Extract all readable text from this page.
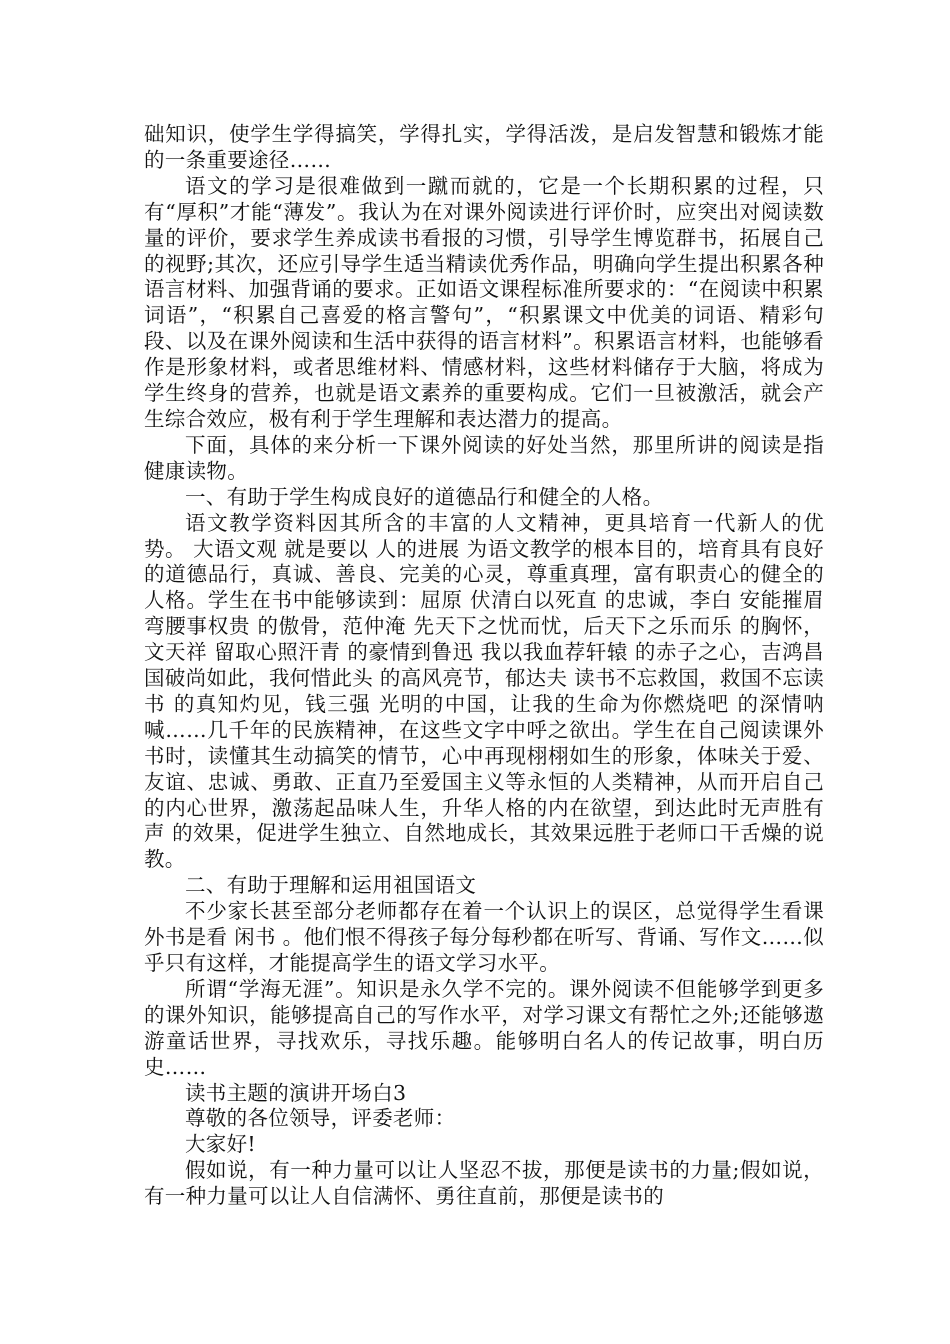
础知识，使学生学得搞笑，学得扎实，学得活泼，是启发智慧和锻炼才能的一条重要途径……

语文的学习是很难做到一蹴而就的，它是一个长期积累的过程，只有“厚积”才能“薄发”。我认为在对课外阅读进行评价时，应突出对阅读数量的评价，要求学生养成读书看报的习惯，引导学生博览群书，拓展自己的视野;其次，还应引导学生适当精读优秀作品，明确向学生提出积累各种语言材料、加强背诵的要求。正如语文课程标准所要求的：“在阅读中积累词语”，“积累自己喜爱的格言警句”，“积累课文中优美的词语、精彩句段、以及在课外阅读和生活中获得的语言材料”。积累语言材料，也能够看作是形象材料，或者思维材料、情感材料，这些材料储存于大脑，将成为学生终身的营养，也就是语文素养的重要构成。它们一旦被激活，就会产生综合效应，极有利于学生理解和表达潜力的提高。

下面，具体的来分析一下课外阅读的好处当然，那里所讲的阅读是指健康读物。

一、有助于学生构成良好的道德品行和健全的人格。

语文教学资料因其所含的丰富的人文精神，更具培育一代新人的优势。 大语文观 就是要以 人的进展 为语文教学的根本目的，培育具有良好的道德品行，真诚、善良、完美的心灵，尊重真理，富有职责心的健全的人格。学生在书中能够读到：屈原 伏清白以死直 的忠诚，李白 安能摧眉弯腰事权贵 的傲骨，范仲淹 先天下之忧而忧，后天下之乐而乐 的胸怀，文天祥 留取心照汗青 的豪情到鲁迅 我以我血荐轩辕 的赤子之心，吉鸿昌 国破尚如此，我何惜此头 的高风亮节，郁达夫 读书不忘救国，救国不忘读书 的真知灼见，钱三强 光明的中国，让我的生命为你燃烧吧 的深情呐喊……几千年的民族精神，在这些文字中呼之欲出。学生在自己阅读课外书时，读懂其生动搞笑的情节，心中再现栩栩如生的形象，体味关于爱、友谊、忠诚、勇敢、正直乃至爱国主义等永恒的人类精神，从而开启自己的内心世界，激荡起品味人生，升华人格的内在欲望，到达此时无声胜有声 的效果，促进学生独立、自然地成长，其效果远胜于老师口干舌燥的说教。

二、有助于理解和运用祖国语文

不少家长甚至部分老师都存在着一个认识上的误区，总觉得学生看课外书是看 闲书 。他们恨不得孩子每分每秒都在听写、背诵、写作文……似乎只有这样，才能提高学生的语文学习水平。

所谓“学海无涯”。知识是永久学不完的。课外阅读不但能够学到更多的课外知识，能够提高自己的写作水平，对学习课文有帮忙之外;还能够遨游童话世界，寻找欢乐，寻找乐趣。能够明白名人的传记故事，明白历史……

读书主题的演讲开场白3

尊敬的各位领导，评委老师：

大家好!

假如说，有一种力量可以让人坚忍不拔，那便是读书的力量;假如说，有一种力量可以让人自信满怀、勇往直前，那便是读书的
